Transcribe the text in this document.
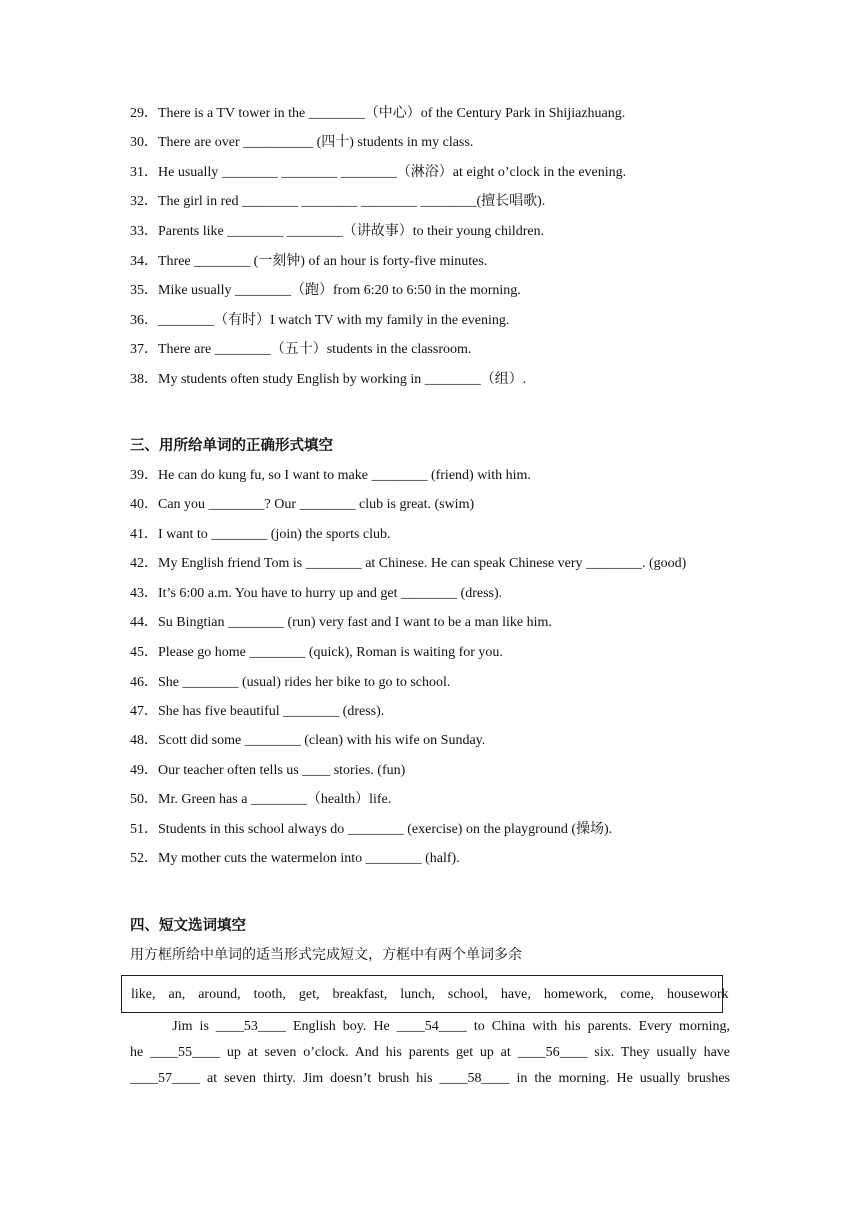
29．There is a TV tower in the ________（中心）of the Century Park in Shijiazhuang.
30．There are over __________ (四十) students in my class.
31．He usually ________ ________ ________（淋浴）at eight o’clock in the evening.
32．The girl in red ________ ________ ________ ________(擅长唱歌).
33．Parents like ________ ________（讲故事）to their young children.
34．Three ________ (一刻钟) of an hour is forty-five minutes.
35．Mike usually ________（跑）from 6:20 to 6:50 in the morning.
36．________（有时）I watch TV with my family in the evening.
37．There are ________（五十）students in the classroom.
38．My students often study English by working in ________（组）.
三、用所给单词的正确形式填空
39．He can do kung fu, so I want to make ________ (friend) with him.
40．Can you ________? Our ________ club is great. (swim)
41．I want to ________ (join) the sports club.
42．My English friend Tom is ________ at Chinese. He can speak Chinese very ________. (good)
43．It’s 6:00 a.m. You have to hurry up and get ________ (dress).
44．Su Bingtian ________ (run) very fast and I want to be a man like him.
45．Please go home ________ (quick), Roman is waiting for you.
46．She ________ (usual) rides her bike to go to school.
47．She has five beautiful ________ (dress).
48．Scott did some ________ (clean) with his wife on Sunday.
49．Our teacher often tells us ____ stories. (fun)
50．Mr. Green has a ________（health）life.
51．Students in this school always do ________ (exercise) on the playground (操场).
52．My mother cuts the watermelon into ________ (half).
四、短文选词填空
用方框所给中单词的适当形式完成短文，方框中有两个单词多余
like,  an,  around,  tooth,  get,  breakfast,  lunch,  school,  have,  homework,  come,  housework
Jim is ____53____ English boy. He ____54____ to China with his parents. Every morning,
he ____55____ up at seven o’clock. And his parents get up at ____56____ six. They usually have
____57____ at seven thirty. Jim doesn’t brush his ____58____ in the morning. He usually brushes
